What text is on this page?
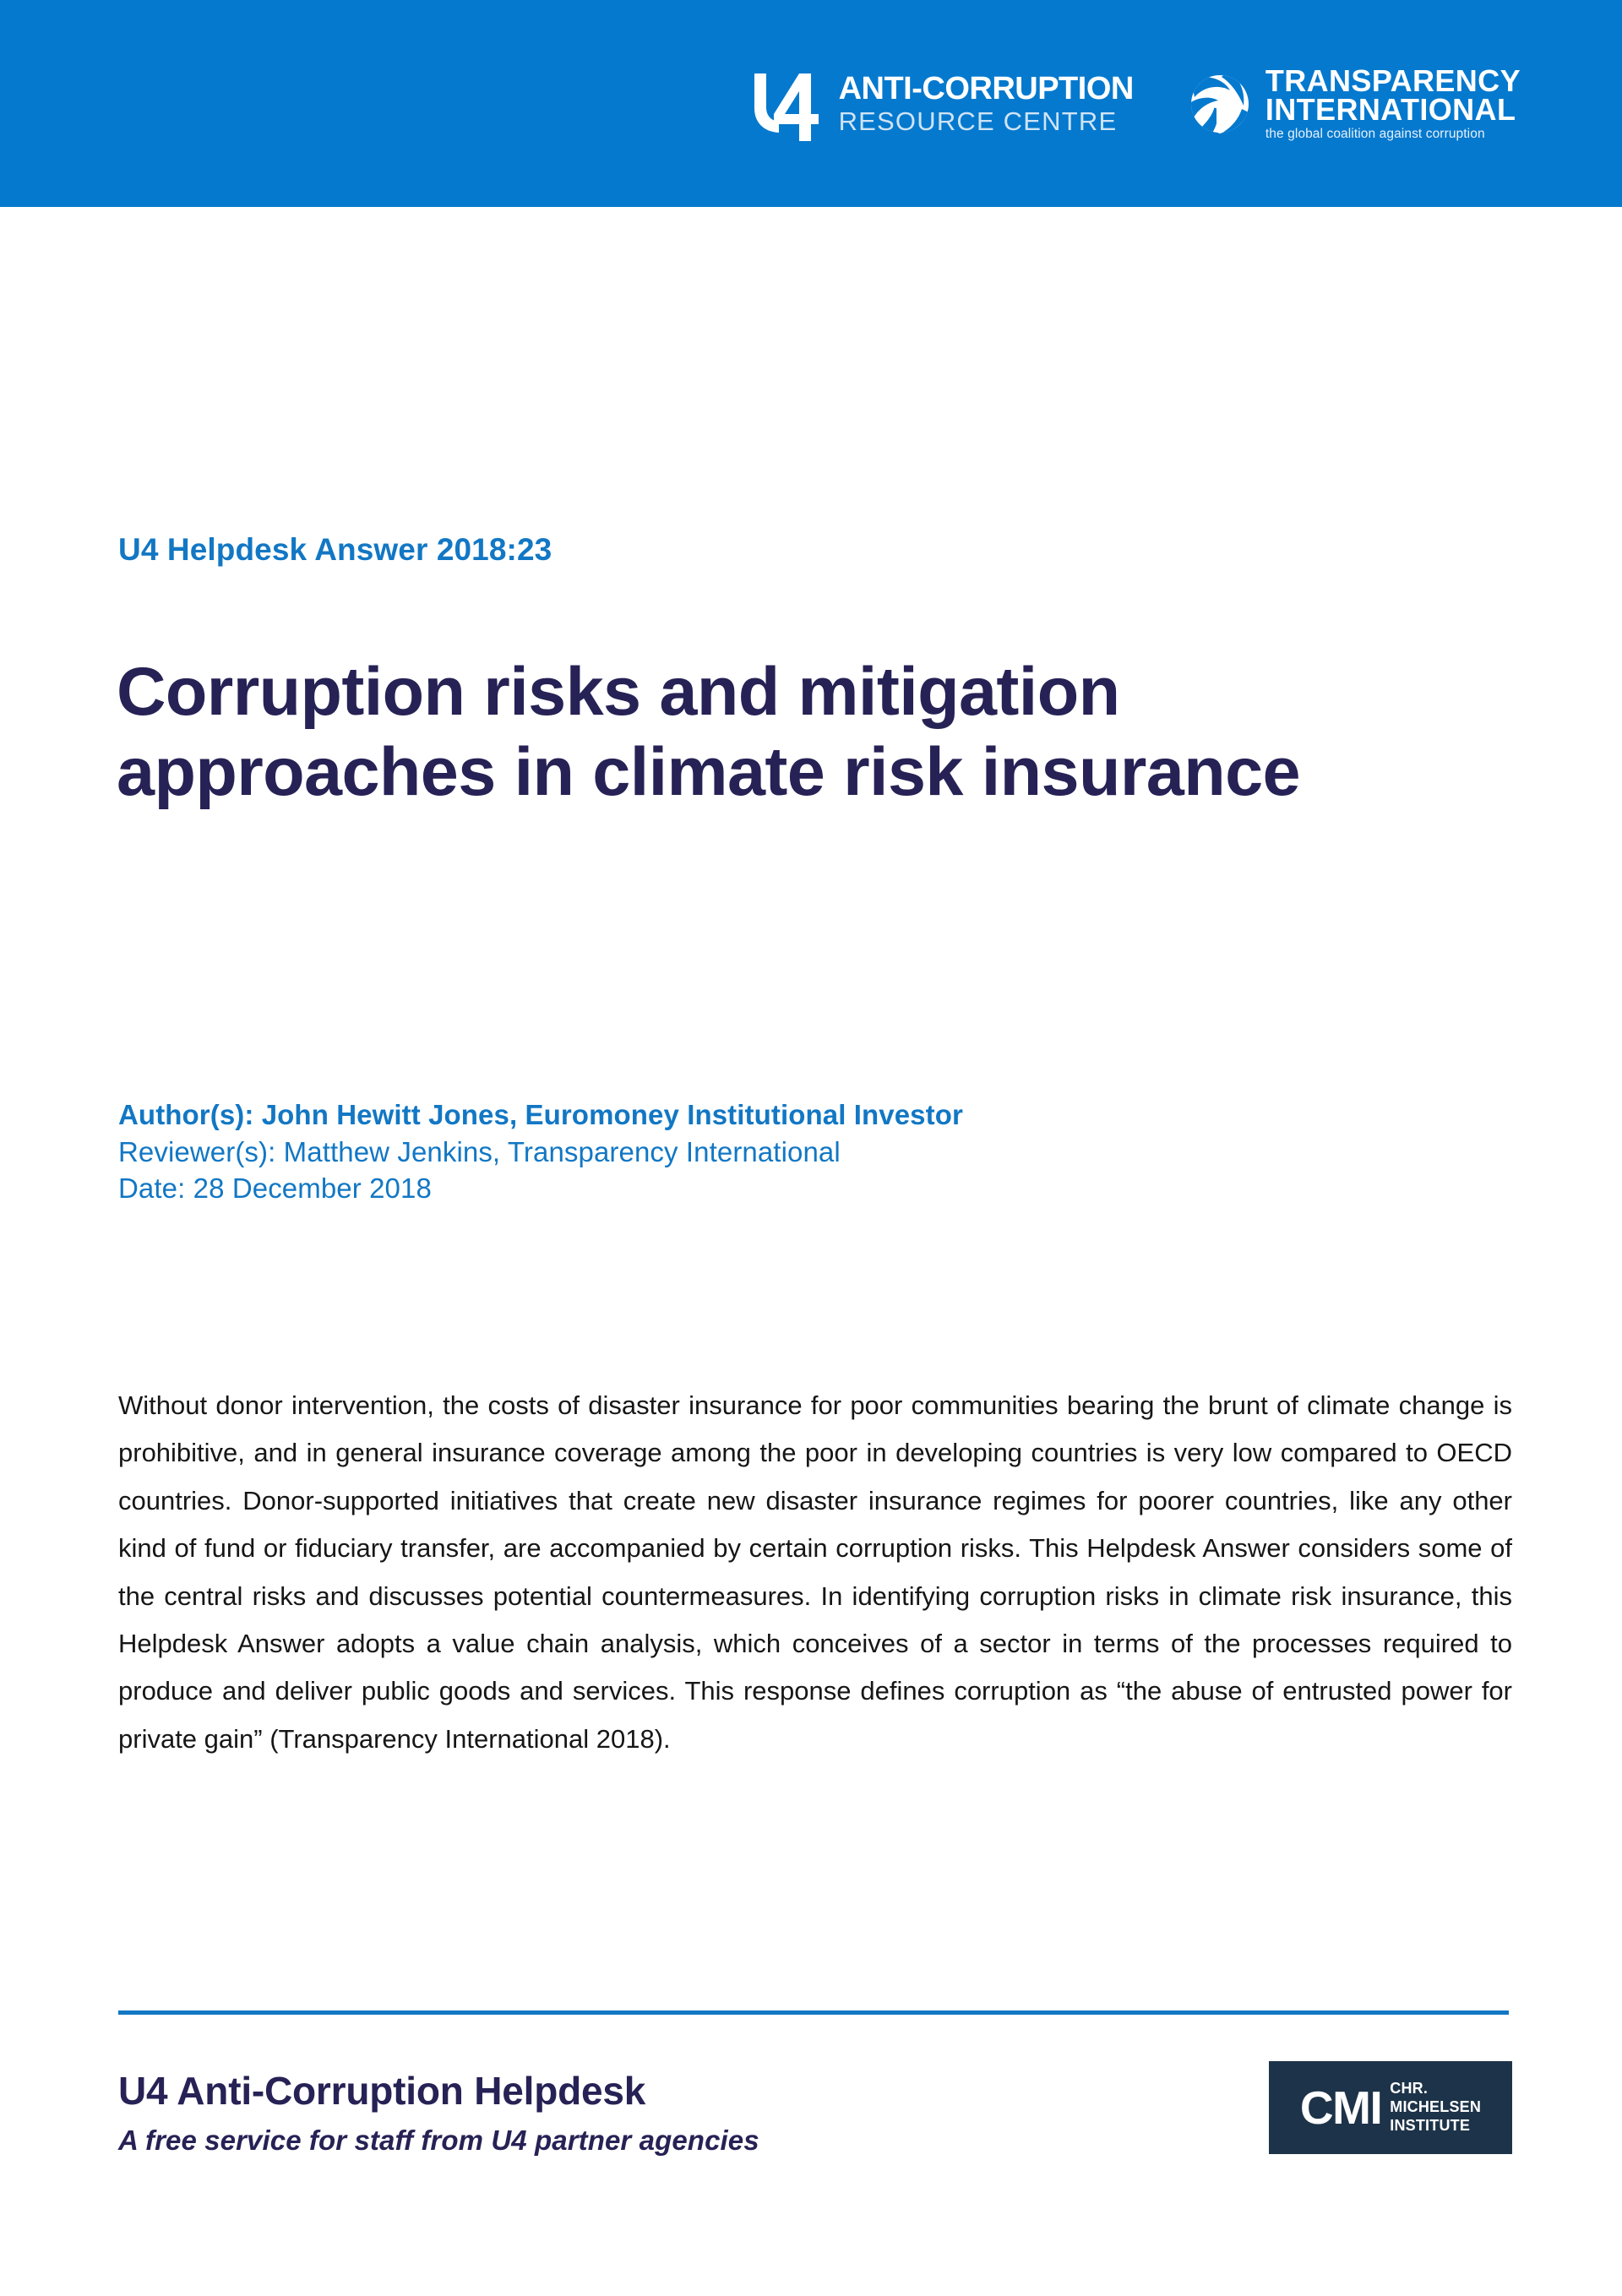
ANTI-CORRUPTION
RESOURCE CENTRE
TRANSPARENCY
INTERNATIONAL
the global coalition against corruption
U4 Helpdesk Answer 2018:23
Corruption risks and mitigation approaches in climate risk insurance
Author(s): John Hewitt Jones, Euromoney Institutional Investor
Reviewer(s): Matthew Jenkins, Transparency International
Date: 28 December 2018

Without donor intervention, the costs of disaster insurance for poor communities bearing the brunt of climate change is prohibitive, and in general insurance coverage among the poor in developing countries is very low compared to OECD countries. Donor-supported initiatives that create new disaster insurance regimes for poorer countries, like any other kind of fund or fiduciary transfer, are accompanied by certain corruption risks. This Helpdesk Answer considers some of the central risks and discusses potential countermeasures. In identifying corruption risks in climate risk insurance, this Helpdesk Answer adopts a value chain analysis, which conceives of a sector in terms of the processes required to produce and deliver public goods and services. This response defines corruption as “the abuse of entrusted power for private gain” (Transparency International 2018).

U4 Anti-Corruption Helpdesk
A free service for staff from U4 partner agencies
CMI CHR.
MICHELSEN
INSTITUTE
